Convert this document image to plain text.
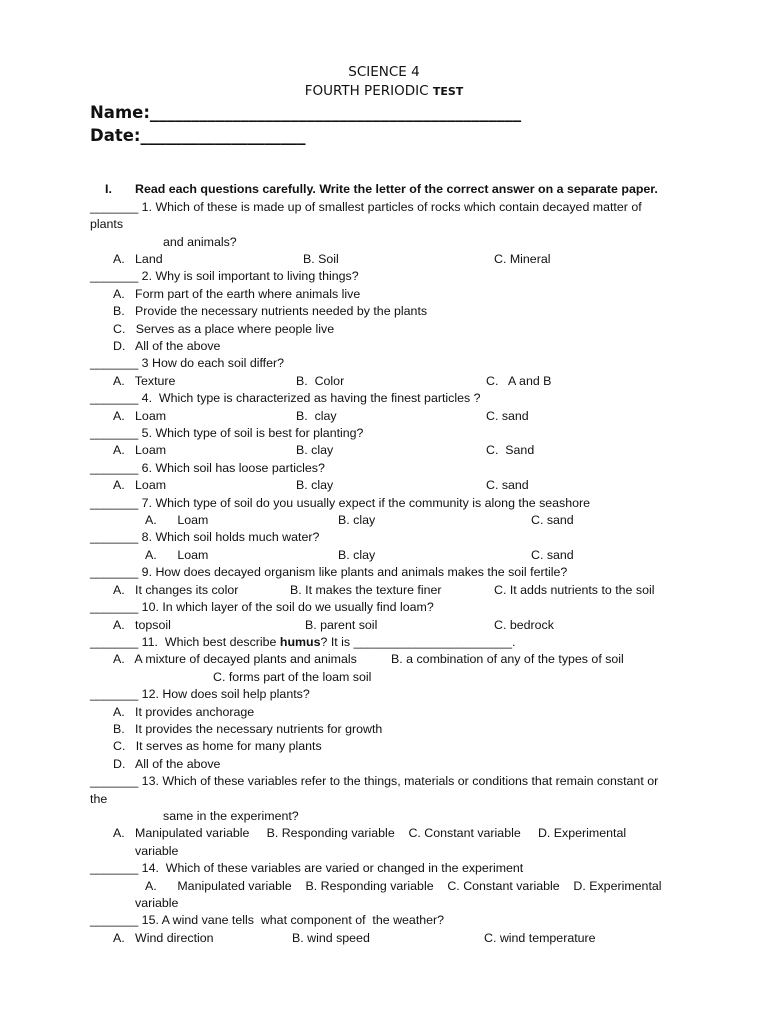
SCIENCE 4
FOURTH PERIODIC TEST
Name:_____________________________________________
Date:____________________
I. Read each questions carefully. Write the letter of the correct answer on a separate paper.
_______ 1. Which of these is made up of smallest particles of rocks which contain decayed matter of
plants
and animals?
A.   Land	B. Soil	C. Mineral
_______ 2. Why is soil important to living things?
A.   Form part of the earth where animals live
B.   Provide the necessary nutrients needed by the plants
C.   Serves as a place where people live
D.   All of the above
_______ 3 How do each soil differ?
A.   Texture	B.  Color	C.   A and B
_______ 4.  Which type is characterized as having the finest particles ?
A.   Loam	B.  clay	C. sand
_______ 5. Which type of soil is best for planting?
A.   Loam	B. clay	C.  Sand
_______ 6. Which soil has loose particles?
A.   Loam	B. clay	C. sand
_______ 7. Which type of soil do you usually expect if the community is along the seashore
A.      Loam	B. clay	C. sand
_______ 8. Which soil holds much water?
A.      Loam	B. clay	C. sand
_______ 9. How does decayed organism like plants and animals makes the soil fertile?
A.   It changes its color	B. It makes the texture finer	C. It adds nutrients to the soil
_______ 10. In which layer of the soil do we usually find loam?
A.   topsoil	B. parent soil	C. bedrock
_______ 11.  Which best describe humus? It is _______________________.
A.   A mixture of decayed plants and animals	B. a combination of any of the types of soil
C. forms part of the loam soil
_______ 12. How does soil help plants?
A.   It provides anchorage
B.   It provides the necessary nutrients for growth
C.   It serves as home for many plants
D.   All of the above
_______ 13. Which of these variables refer to the things, materials or conditions that remain constant or
the
same in the experiment?
A.   Manipulated variable     B. Responding variable    C. Constant variable     D. Experimental
variable
_______ 14.  Which of these variables are varied or changed in the experiment
A.      Manipulated variable    B. Responding variable    C. Constant variable    D. Experimental
variable
_______ 15. A wind vane tells  what component of  the weather?
A.   Wind direction	B. wind speed	C. wind temperature
